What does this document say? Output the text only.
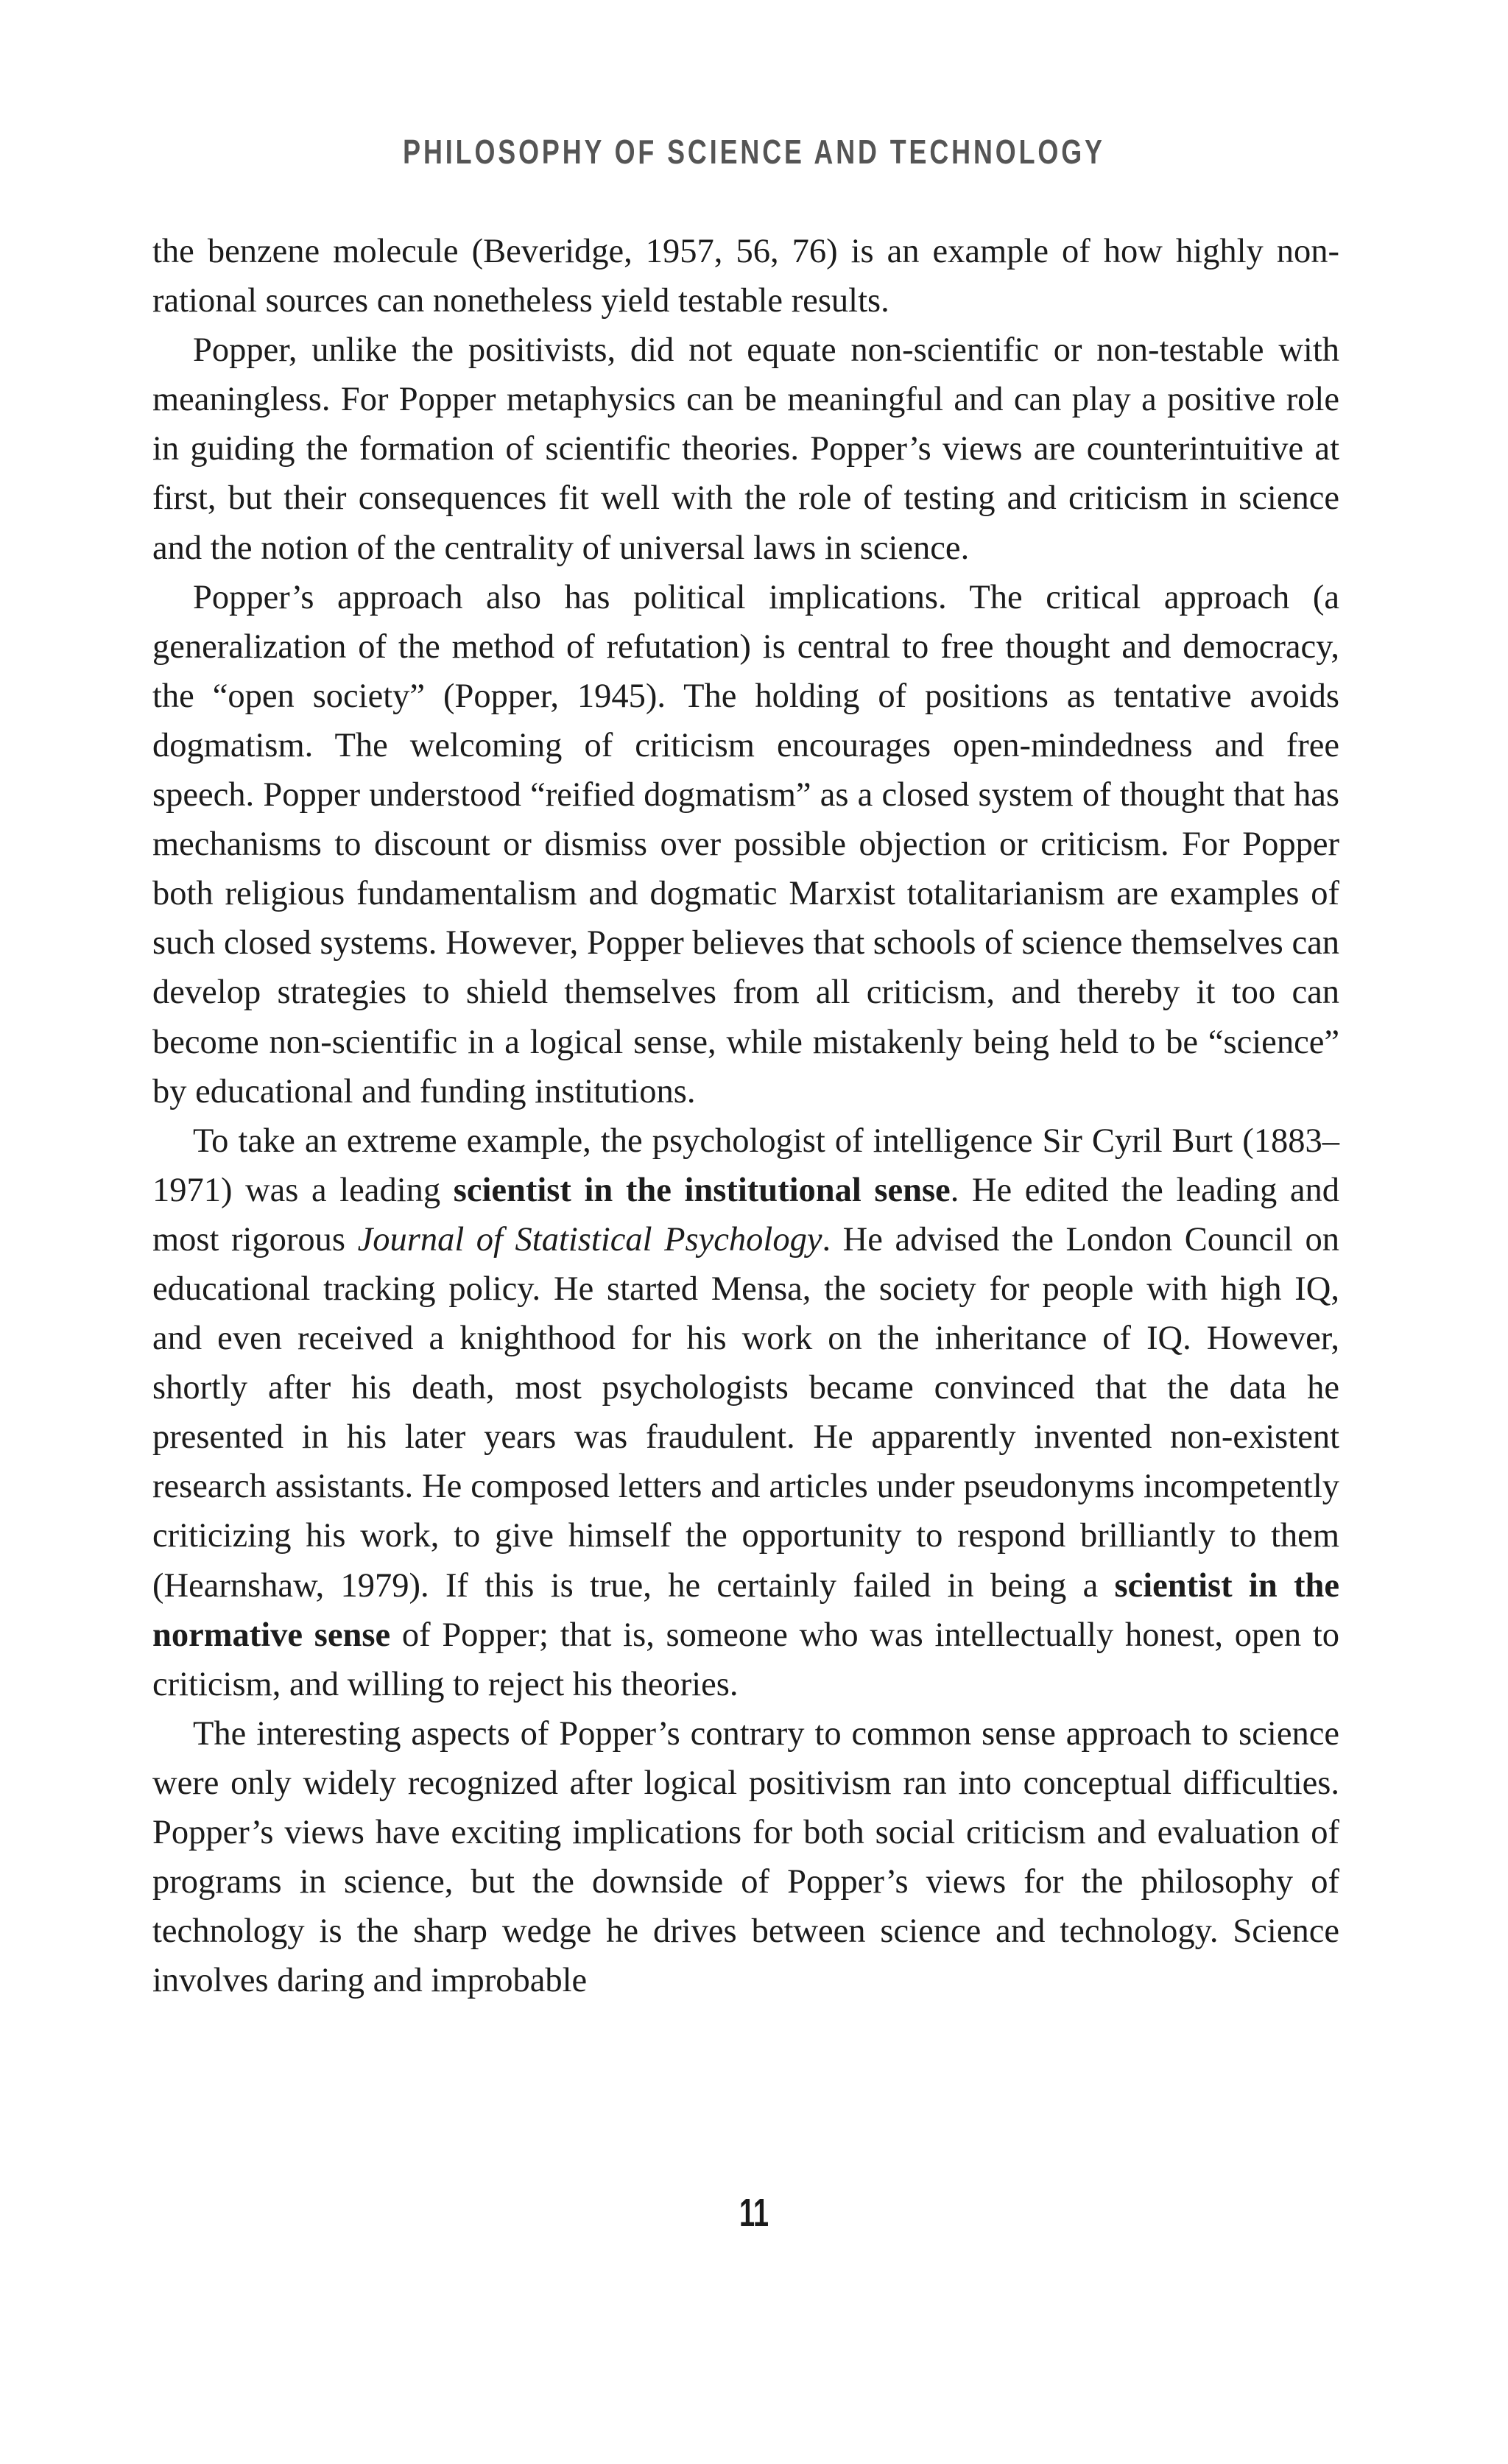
PHILOSOPHY OF SCIENCE AND TECHNOLOGY

the benzene molecule (Beveridge, 1957, 56, 76) is an example of how highly non-rational sources can nonetheless yield testable results.

Popper, unlike the positivists, did not equate non-scientific or non-testable with meaningless. For Popper metaphysics can be meaningful and can play a positive role in guiding the formation of scientific theories. Popper’s views are counterintuitive at first, but their consequences fit well with the role of testing and criticism in science and the notion of the centrality of universal laws in science.

Popper’s approach also has political implications. The critical approach (a generalization of the method of refutation) is central to free thought and democracy, the “open society” (Popper, 1945). The holding of positions as tentative avoids dogmatism. The welcoming of criticism encourages open-mindedness and free speech. Popper understood “reified dogmatism” as a closed system of thought that has mechanisms to discount or dismiss over possible objection or criticism. For Popper both religious fundamentalism and dogmatic Marxist totalitarianism are examples of such closed systems. However, Popper believes that schools of science themselves can develop strategies to shield themselves from all criticism, and thereby it too can become non-scientific in a logical sense, while mistakenly being held to be “science” by educational and funding institutions.

To take an extreme example, the psychologist of intelligence Sir Cyril Burt (1883–1971) was a leading scientist in the institutional sense. He edited the leading and most rigorous Journal of Statistical Psychology. He advised the London Council on educational tracking policy. He started Mensa, the society for people with high IQ, and even received a knighthood for his work on the inheritance of IQ. However, shortly after his death, most psychologists became convinced that the data he presented in his later years was fraudulent. He apparently invented non-existent research assistants. He composed letters and articles under pseudonyms incompetently criticizing his work, to give himself the opportunity to respond brilliantly to them (Hearnshaw, 1979). If this is true, he certainly failed in being a scientist in the normative sense of Popper; that is, someone who was intellectually honest, open to criticism, and willing to reject his theories.

The interesting aspects of Popper’s contrary to common sense approach to science were only widely recognized after logical positivism ran into conceptual difficulties. Popper’s views have exciting implications for both social criticism and evaluation of programs in science, but the downside of Popper’s views for the philosophy of technology is the sharp wedge he drives between science and technology. Science involves daring and improbable

11
